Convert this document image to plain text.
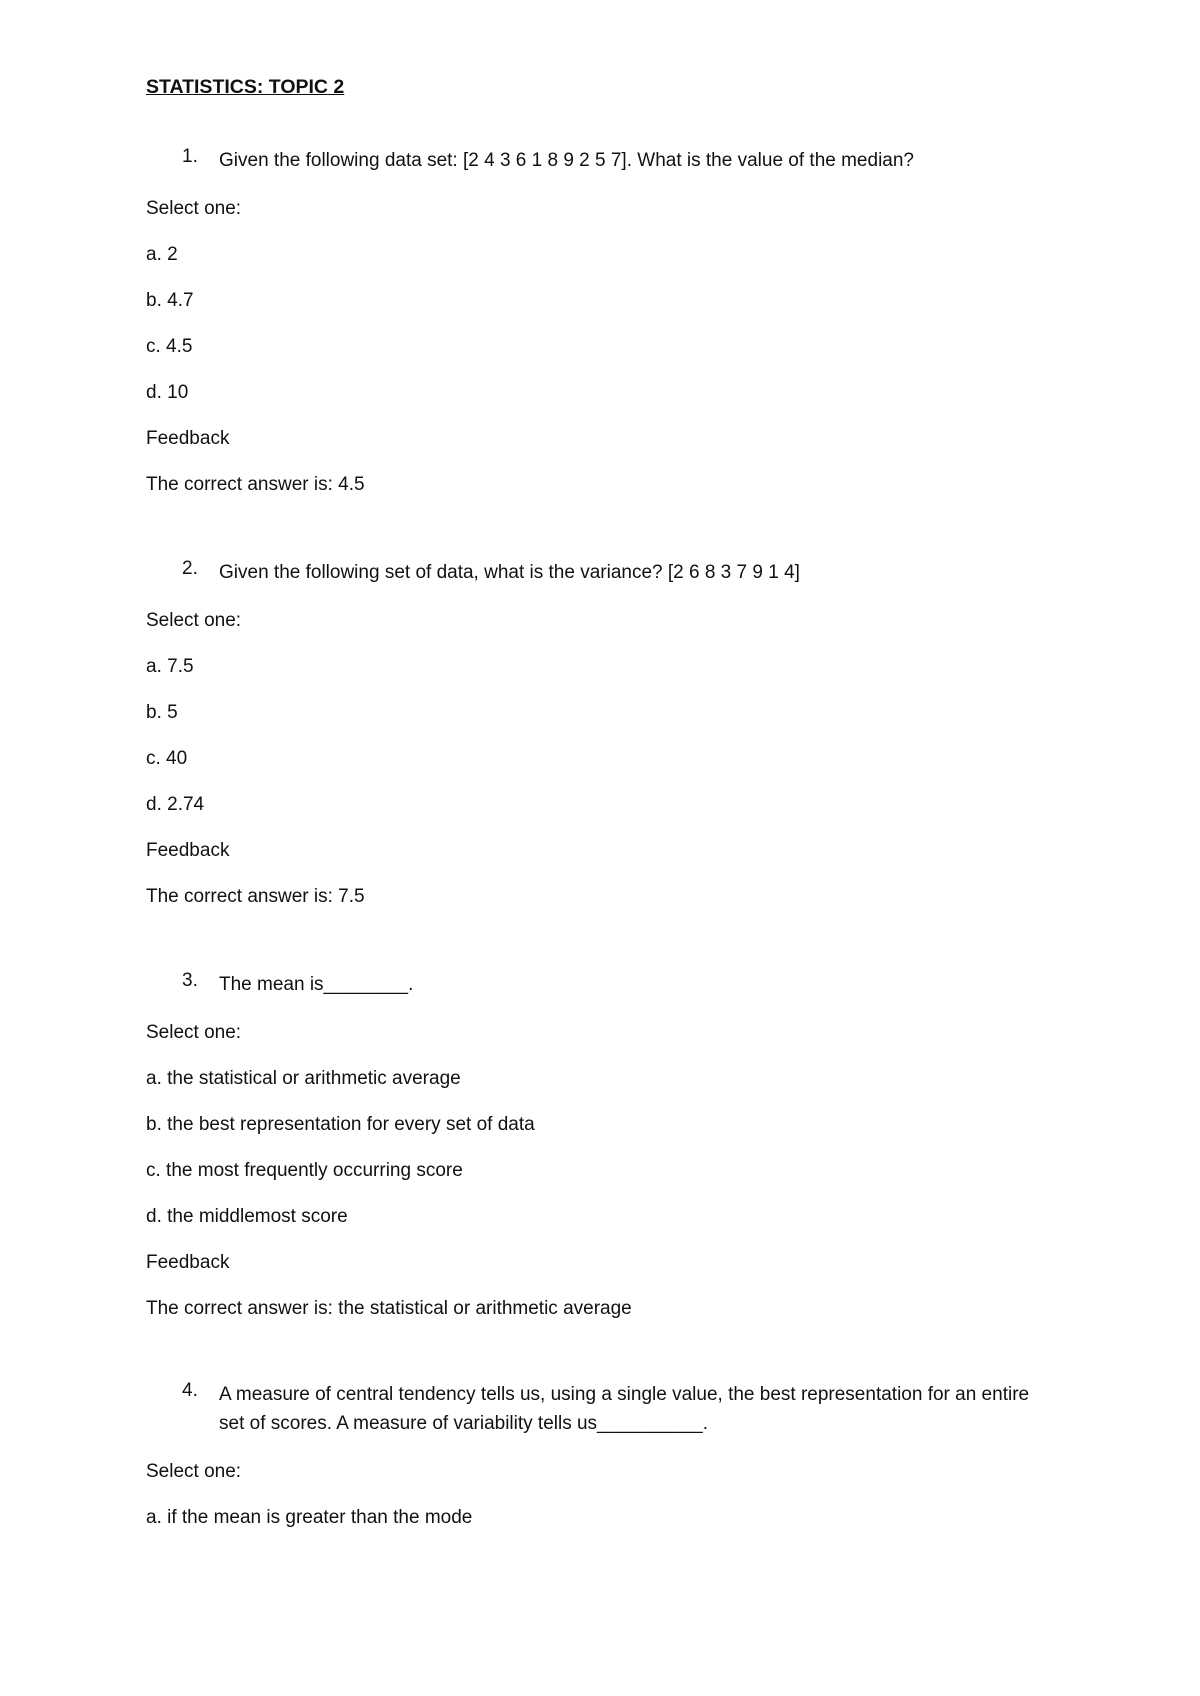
STATISTICS: TOPIC 2
1.	Given the following data set: [2 4 3 6 1 8 9 2 5 7]. What is the value of the median?

Select one:

a. 2

b. 4.7

c. 4.5

d. 10

Feedback

The correct answer is: 4.5

2.	Given the following set of data, what is the variance? [2 6 8 3 7 9 1 4]

Select one:

a. 7.5

b. 5

c. 40

d. 2.74

Feedback

The correct answer is: 7.5

3.	The mean is________.

Select one:

a. the statistical or arithmetic average

b. the best representation for every set of data

c. the most frequently occurring score

d. the middlemost score

Feedback

The correct answer is: the statistical or arithmetic average

4.	A measure of central tendency tells us, using a single value, the best representation for an entire set of scores. A measure of variability tells us__________.

Select one:

a. if the mean is greater than the mode
